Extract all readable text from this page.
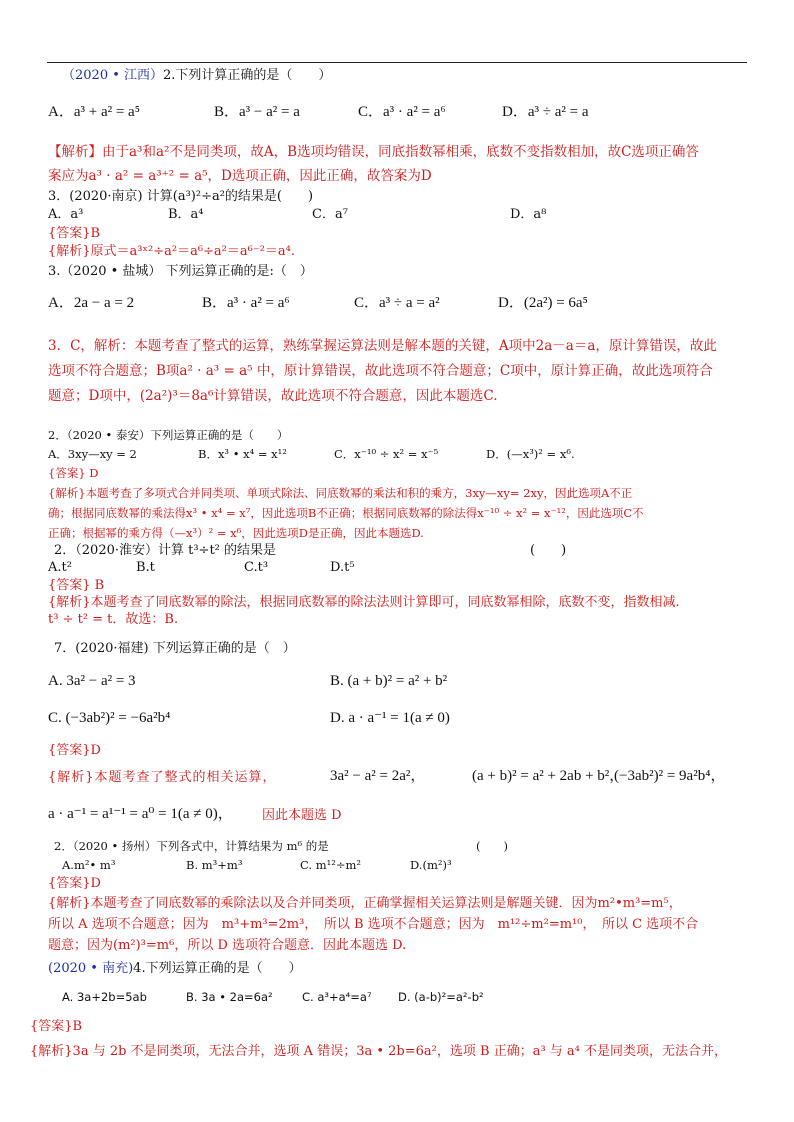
（2020 • 江西）2.下列计算正确的是（　　）
A．a³ + a² = a⁵	B．a³ − a² = a	C．a³ · a² = a⁶	D．a³ ÷ a² = a
【解析】由于a³和a²不是同类项，故A，B选项均错误，同底指数幂相乘，底数不变指数相加，故C选项正确答
案应为a³ · a² = a³⁺² = a⁵，D选项正确，因此正确，故答案为D
3．(2020·南京) 计算(a³)²÷a²的结果是(　　)
A．a³	B．a⁴	C．a⁷	D．a⁸
{答案}B
{解析}原式＝a³ˣ²÷a²＝a⁶÷a²＝a⁶⁻²＝a⁴.
3.（2020 • 盐城） 下列运算正确的是:（　）
A．2a − a = 2	B．a³ · a² = a⁶	C．a³ ÷ a = a²	D．(2a²) = 6a⁵
3．C，解析：本题考查了整式的运算，熟练掌握运算法则是解本题的关键，A项中2a－a＝a，原计算错误，故此
选项不符合题意；B项a² · a³ = a⁵ 中，原计算错误，故此选项不符合题意；C项中，原计算正确，故此选项符合
题意；D项中，(2a²)³＝8a⁶计算错误，故此选项不符合题意，因此本题选C.
2．（2020 • 泰安）下列运算正确的是（　　）
A．3xy—xy = 2	B．x³ • x⁴ = x¹²	C．x⁻¹⁰ ÷ x² = x⁻⁵	D．(—x³)² = x⁶.
{答案} D
{解析}本题考查了多项式合并同类项、单项式除法、同底数幂的乘法和积的乘方，3xy—xy= 2xy，因此选项A不正
确；根据同底数幂的乘法得x³ • x⁴ = x⁷，因此选项B不正确；根据同底数幂的除法得x⁻¹⁰ ÷ x² = x⁻¹²，因此选项C不
正确；根据幂的乘方得（—x³）² = x⁶，因此选项D是正确，因此本题选D.
2．（2020·淮安）计算 t³÷t² 的结果是	(　　)
A.t²	B.t	C.t³	D.t⁵
{答案} B
{解析}本题考查了同底数幂的除法，根据同底数幂的除法法则计算即可，同底数幂相除，底数不变，指数相减.
t³ ÷ t² = t．故选：B.
7．(2020·福建) 下列运算正确的是（　）
A. 3a² − a² = 3	B. (a + b)² = a² + b²
C. (−3ab²)² = −6a²b⁴	D. a · a⁻¹ = 1(a ≠ 0)
{答案}D
{解析}本题考查了整式的相关运算，	3a² − a² = 2a²，	(a + b)² = a² + 2ab + b²，
(−3ab²)² = 9a²b⁴，
a · a⁻¹ = a¹⁻¹ = a⁰ = 1(a ≠ 0)， 因此本题选 D
2．（2020 • 扬州）下列各式中，计算结果为 m⁶ 的是	(　　)
A.m²• m³	B. m³+m³	C. m¹²÷m²	D.(m²)³
{答案}D
{解析}本题考查了同底数幂的乘除法以及合并同类项，正确掌握相关运算法则是解题关键．因为m²•m³=m⁵，
所以 A 选项不合题意；因为　m³+m³=2m³，　所以 B 选项不合题意；因为　m¹²÷m²=m¹⁰，　所以 C 选项不合
题意；因为(m²)³=m⁶，所以 D 选项符合题意．因此本题选 D.
(2020 • 南充)4.下列运算正确的是（　　）
A. 3a+2b=5ab	B. 3a • 2a=6a²	C. a³+a⁴=a⁷ D. (a-b)²=a²-b²
{答案}B
{解析}3a 与 2b 不是同类项，无法合并，选项 A 错误；3a • 2b=6a²，选项 B 正确；a³ 与 a⁴ 不是同类项，无法合并，
